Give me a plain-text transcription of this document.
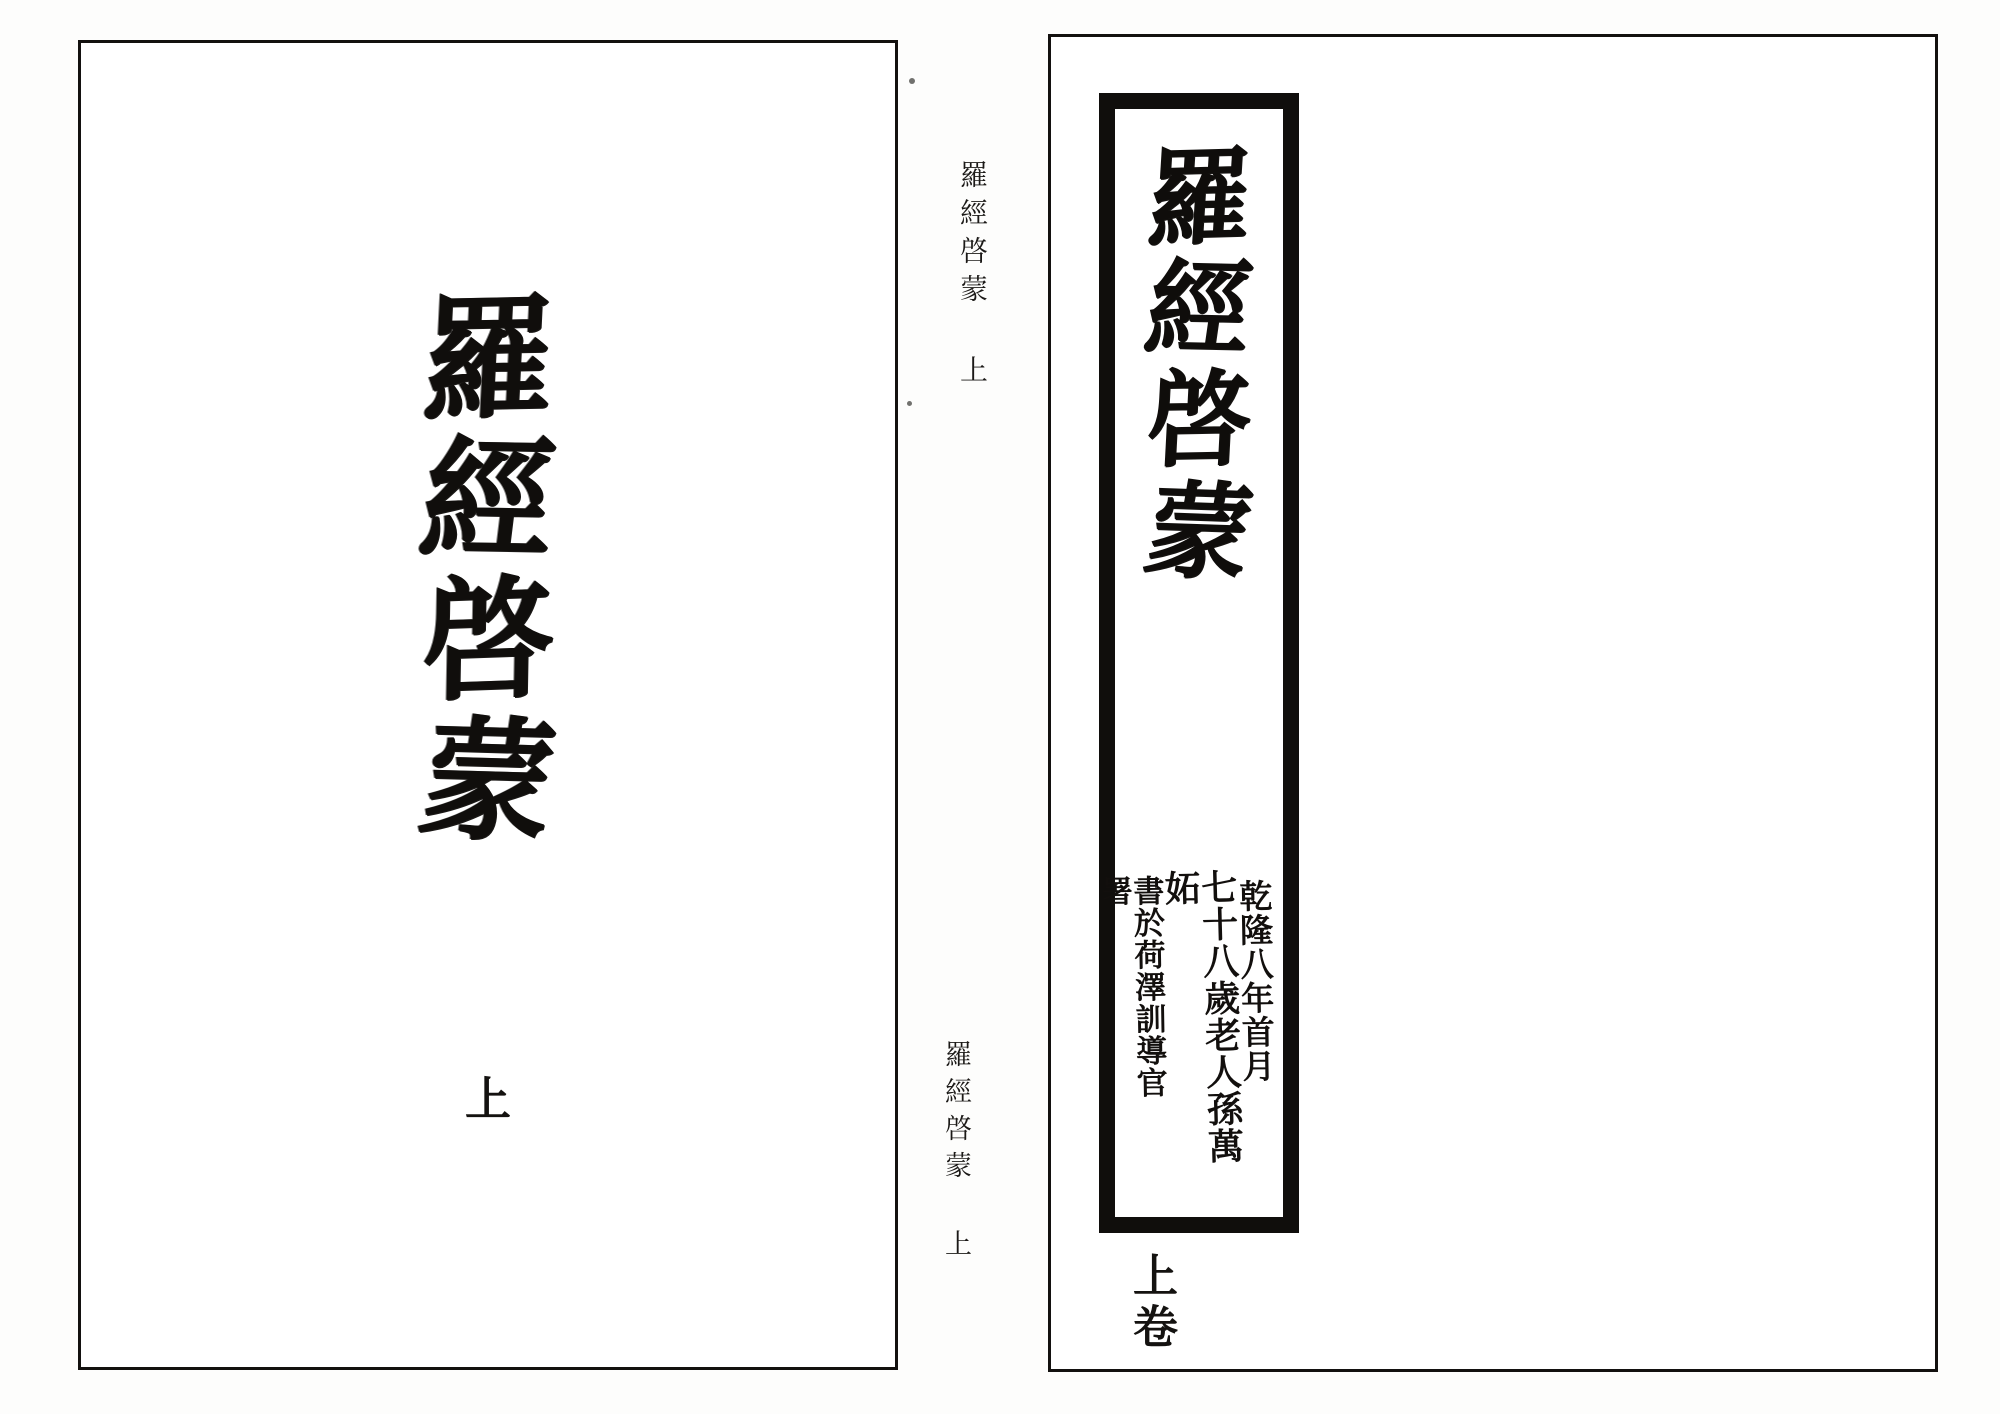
羅
經
啓
蒙
上
羅經啓蒙 上
羅經啓蒙 上
羅
經
啓
蒙
書於荷澤訓導官署	七十八歲老人孫萬妬	乾隆八年首月
上卷
